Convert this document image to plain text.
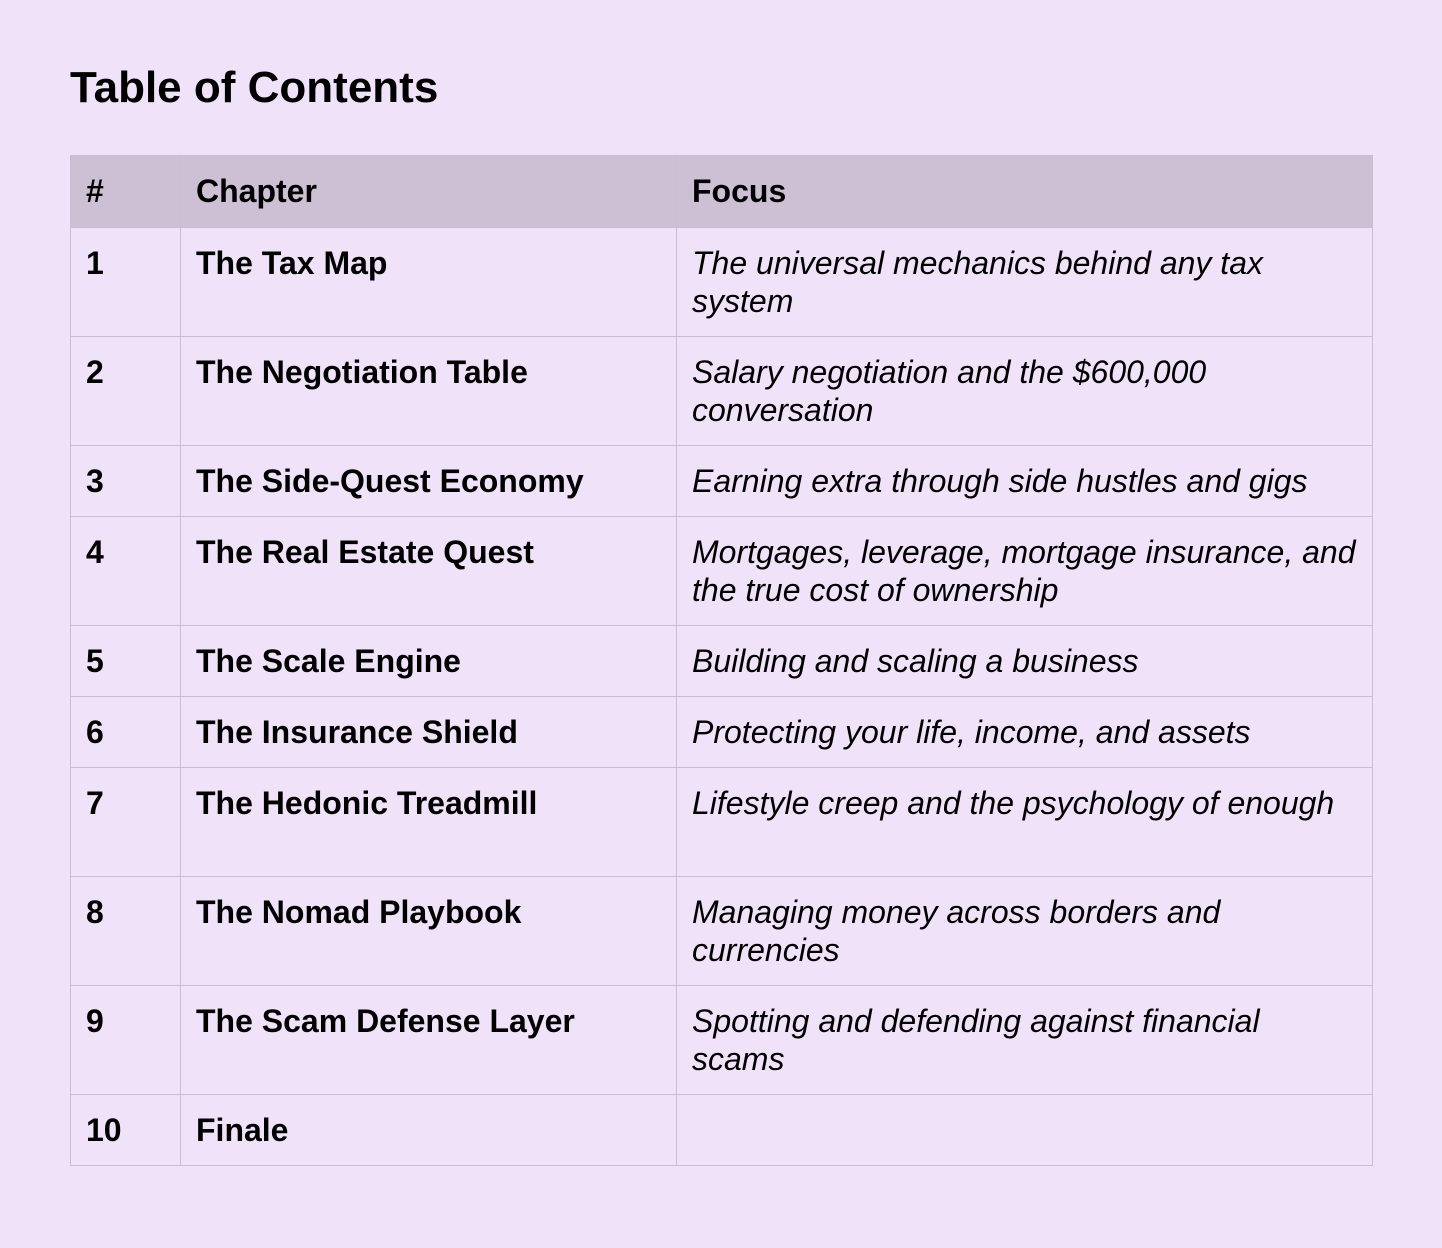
Table of Contents
#	Chapter	Focus
1	The Tax Map	The universal mechanics behind any tax system
2	The Negotiation Table	Salary negotiation and the $600,000 conversation
3	The Side-Quest Economy	Earning extra through side hustles and gigs
4	The Real Estate Quest	Mortgages, leverage, mortgage insurance, and the true cost of ownership
5	The Scale Engine	Building and scaling a business
6	The Insurance Shield	Protecting your life, income, and assets
7	The Hedonic Treadmill	Lifestyle creep and the psychology of enough
8	The Nomad Playbook	Managing money across borders and currencies
9	The Scam Defense Layer	Spotting and defending against financial scams
10	Finale	
